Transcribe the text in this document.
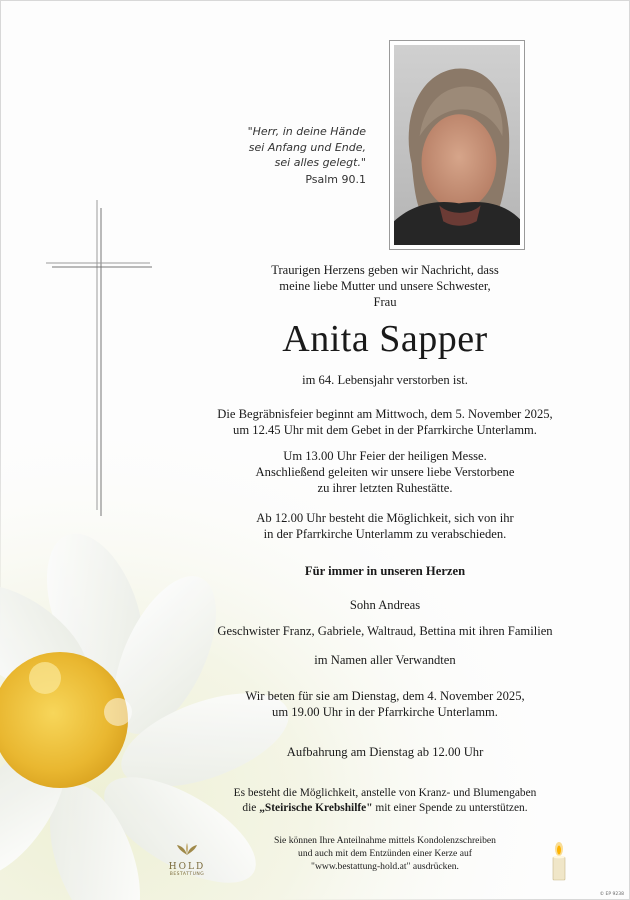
"Herr, in deine Hände
sei Anfang und Ende,
sei alles gelegt."
Psalm 90.1
Traurigen Herzens geben wir Nachricht, dass
meine liebe Mutter und unsere Schwester,
Frau
Anita Sapper
im 64. Lebensjahr verstorben ist.
Die Begräbnisfeier beginnt am Mittwoch, dem 5. November 2025,
um 12.45 Uhr mit dem Gebet in der Pfarrkirche Unterlamm.
Um 13.00 Uhr Feier der heiligen Messe.
Anschließend geleiten wir unsere liebe Verstorbene
zu ihrer letzten Ruhestätte.
Ab 12.00 Uhr besteht die Möglichkeit, sich von ihr
in der Pfarrkirche Unterlamm zu verabschieden.
Für immer in unseren Herzen
Sohn Andreas
Geschwister Franz, Gabriele, Waltraud, Bettina mit ihren Familien
im Namen aller Verwandten
Wir beten für sie am Dienstag, dem 4. November 2025,
um 19.00 Uhr in der Pfarrkirche Unterlamm.
Aufbahrung am Dienstag ab 12.00 Uhr
Es besteht die Möglichkeit, anstelle von Kranz- und Blumengaben
die „Steirische Krebshilfe" mit einer Spende zu unterstützen.
Sie können Ihre Anteilnahme mittels Kondolenzschreiben
und auch mit dem Entzünden einer Kerze auf
"www.bestattung-hold.at" ausdrücken.
HOLD
BESTATTUNG
© EP 9238
